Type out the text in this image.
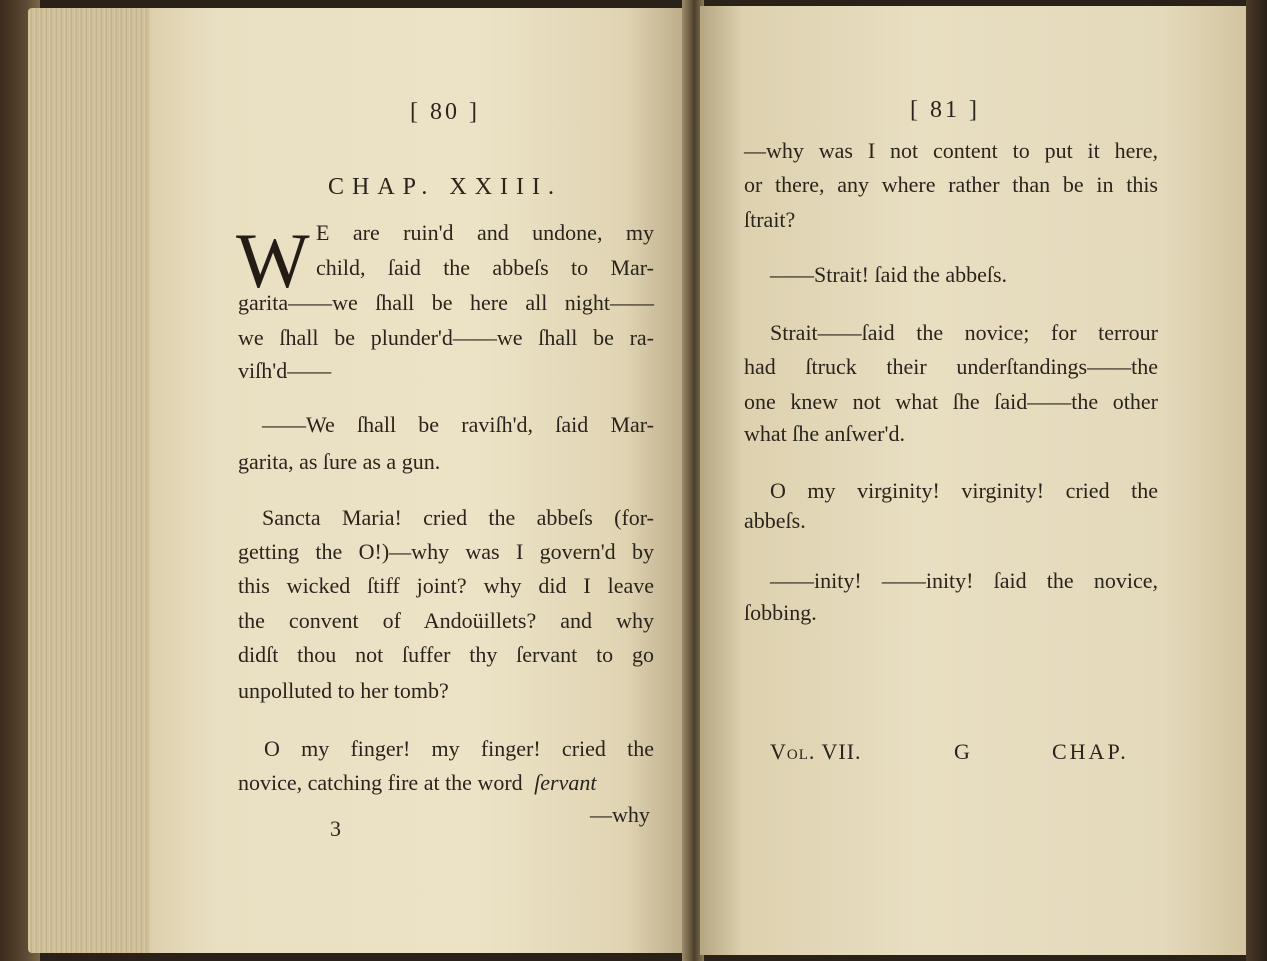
[ 80 ]
CHAP. XXIII.
W E are ruin'd and undone, my
child, ſaid the abbeſs to Mar-
garita——we ſhall be here all night——
we ſhall be plunder'd——we ſhall be ra-
viſh'd——
——We ſhall be raviſh'd, ſaid Mar-
garita, as ſure as a gun.
Sancta Maria! cried the abbeſs (for-
getting the O!)—why was I govern'd by
this wicked ſtiff joint? why did I leave
the convent of Andoüillets? and why
didſt thou not ſuffer thy ſervant to go
unpolluted to her tomb?
O my finger! my finger! cried the
novice, catching fire at the word ſervant
3
—why
[ 81 ]
—why was I not content to put it here,
or there, any where rather than be in this
ſtrait?
——Strait! ſaid the abbeſs.
Strait——ſaid the novice; for terrour
had ſtruck their underſtandings——the
one knew not what ſhe ſaid——the other
what ſhe anſwer'd.
O my virginity! virginity! cried the
abbeſs.
——inity! ——inity! ſaid the novice,
ſobbing.
Vol. VII.	G	CHAP.
